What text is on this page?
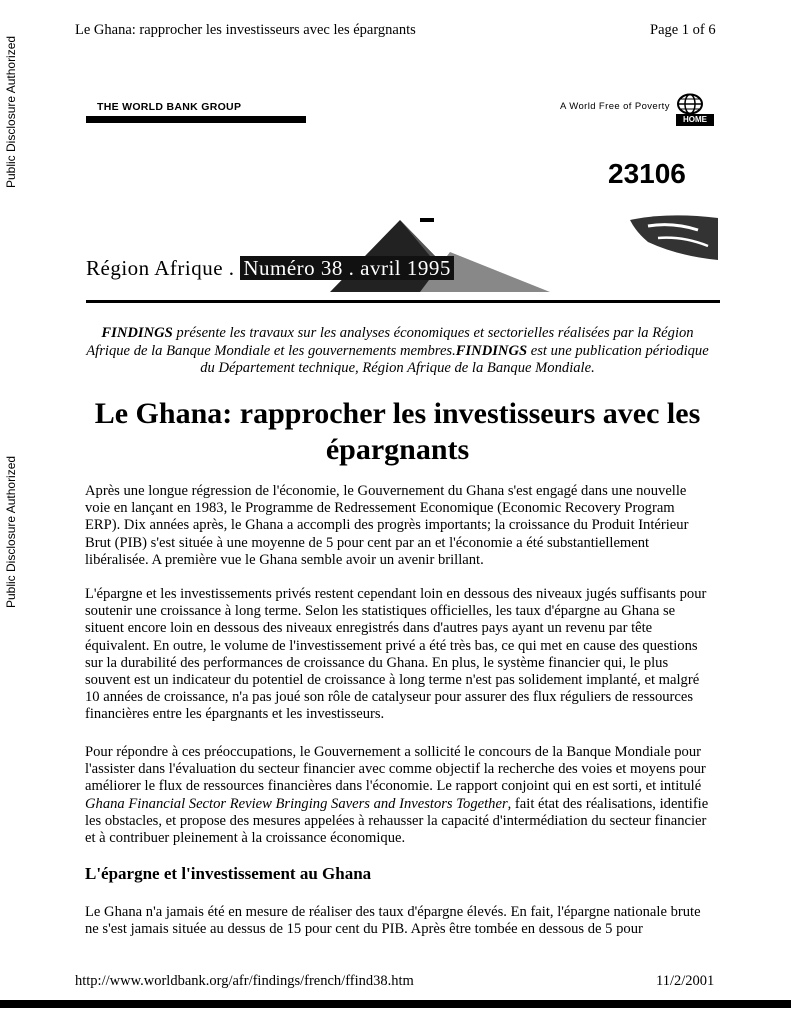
Public Disclosure Authorized
Public Disclosure Authorized
Le Ghana: rapprocher les investisseurs avec les épargnants	Page 1 of 6
THE WORLD BANK GROUP	A World Free of Poverty
HOME
23106
Région Afrique . Numéro 38 . avril 1995
FINDINGS présente les travaux sur les analyses économiques et sectorielles réalisées par la Région Afrique de la Banque Mondiale et les gouvernements membres.FINDINGS est une publication périodique du Département technique, Région Afrique de la Banque Mondiale.
Le Ghana: rapprocher les investisseurs avec les épargnants

Après une longue régression de l'économie, le Gouvernement du Ghana s'est engagé dans une nouvelle voie en lançant en 1983, le Programme de Redressement Economique (Economic Recovery Program ERP). Dix années après, le Ghana a accompli des progrès importants; la croissance du Produit Intérieur Brut (PIB) s'est située à une moyenne de 5 pour cent par an et l'économie a été substantiellement libéralisée. A première vue le Ghana semble avoir un avenir brillant.

L'épargne et les investissements privés restent cependant loin en dessous des niveaux jugés suffisants pour soutenir une croissance à long terme. Selon les statistiques officielles, les taux d'épargne au Ghana se situent encore loin en dessous des niveaux enregistrés dans d'autres pays ayant un revenu par tête équivalent. En outre, le volume de l'investissement privé a été très bas, ce qui met en cause des questions sur la durabilité des performances de croissance du Ghana. En plus, le système financier qui, le plus souvent est un indicateur du potentiel de croissance à long terme n'est pas solidement implanté, et malgré 10 années de croissance, n'a pas joué son rôle de catalyseur pour assurer des flux réguliers de ressources financières entre les épargnants et les investisseurs.

Pour répondre à ces préoccupations, le Gouvernement a sollicité le concours de la Banque Mondiale pour l'assister dans l'évaluation du secteur financier avec comme objectif la recherche des voies et moyens pour améliorer le flux de ressources financières dans l'économie. Le rapport conjoint qui en est sorti, et intitulé Ghana Financial Sector Review Bringing Savers and Investors Together, fait état des réalisations, identifie les obstacles, et propose des mesures appelées à rehausser la capacité d'intermédiation du secteur financier et à contribuer pleinement à la croissance économique.

L'épargne et l'investissement au Ghana

Le Ghana n'a jamais été en mesure de réaliser des taux d'épargne élevés. En fait, l'épargne nationale brute ne s'est jamais située au dessus de 15 pour cent du PIB. Après être tombée en dessous de 5 pour

http://www.worldbank.org/afr/findings/french/ffind38.htm	11/2/2001
